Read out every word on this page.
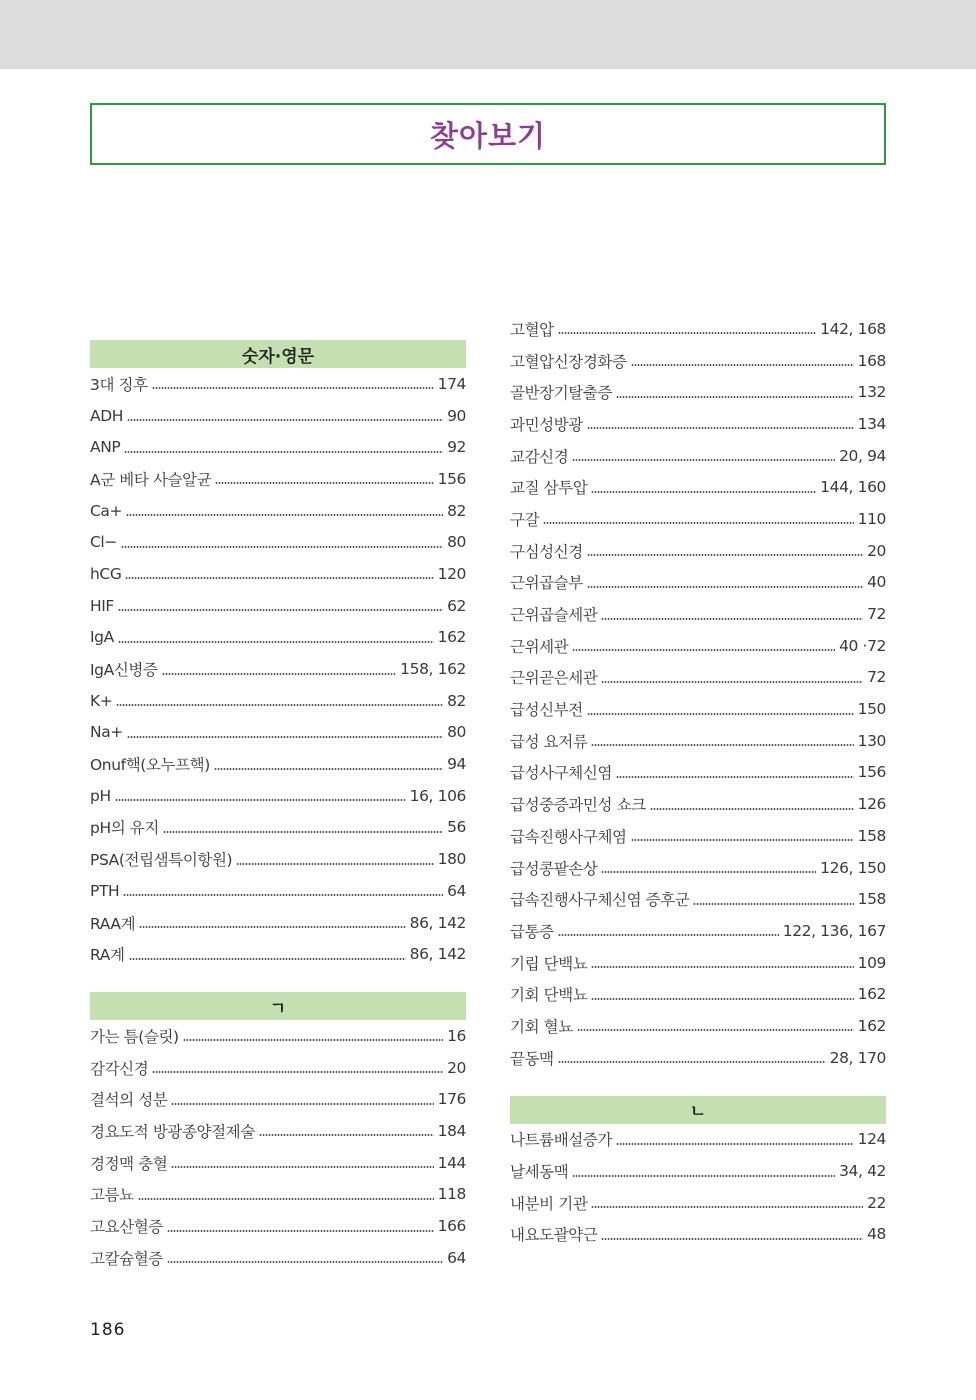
찾아보기
숫자·영문
3대 징후	174
ADH	90
ANP	92
A군 베타 사슬알균	156
Ca+	82
Cl−	80
hCG	120
HIF	62
IgA	162
IgA신병증	158, 162
K+	82
Na+	80
Onuf핵(오누프핵)	94
pH	16, 106
pH의 유지	56
PSA(전립샘특이항원)	180
PTH	64
RAA계	86, 142
RA계	86, 142
ㄱ
가는 틈(슬릿)	16
감각신경	20
결석의 성분	176
경요도적 방광종양절제술	184
경정맥 충혈	144
고름뇨	118
고요산혈증	166
고칼슘혈증	64
고혈압	142, 168
고혈압신장경화증	168
골반장기탈출증	132
과민성방광	134
교감신경	20, 94
교질 삼투압	144, 160
구갈	110
구심성신경	20
근위곱슬부	40
근위곱슬세관	72
근위세관	40 ·72
근위곧은세관	72
급성신부전	150
급성 요저류	130
급성사구체신염	156
급성중증과민성 쇼크	126
급속진행사구체염	158
급성콩팥손상	126, 150
급속진행사구체신염 증후군	158
급통증	122, 136, 167
기립 단백뇨	109
기회 단백뇨	162
기회 혈뇨	162
끝동맥	28, 170
ㄴ
나트륨배설증가	124
날세동맥	34, 42
내분비 기관	22
내요도괄약근	48
186
